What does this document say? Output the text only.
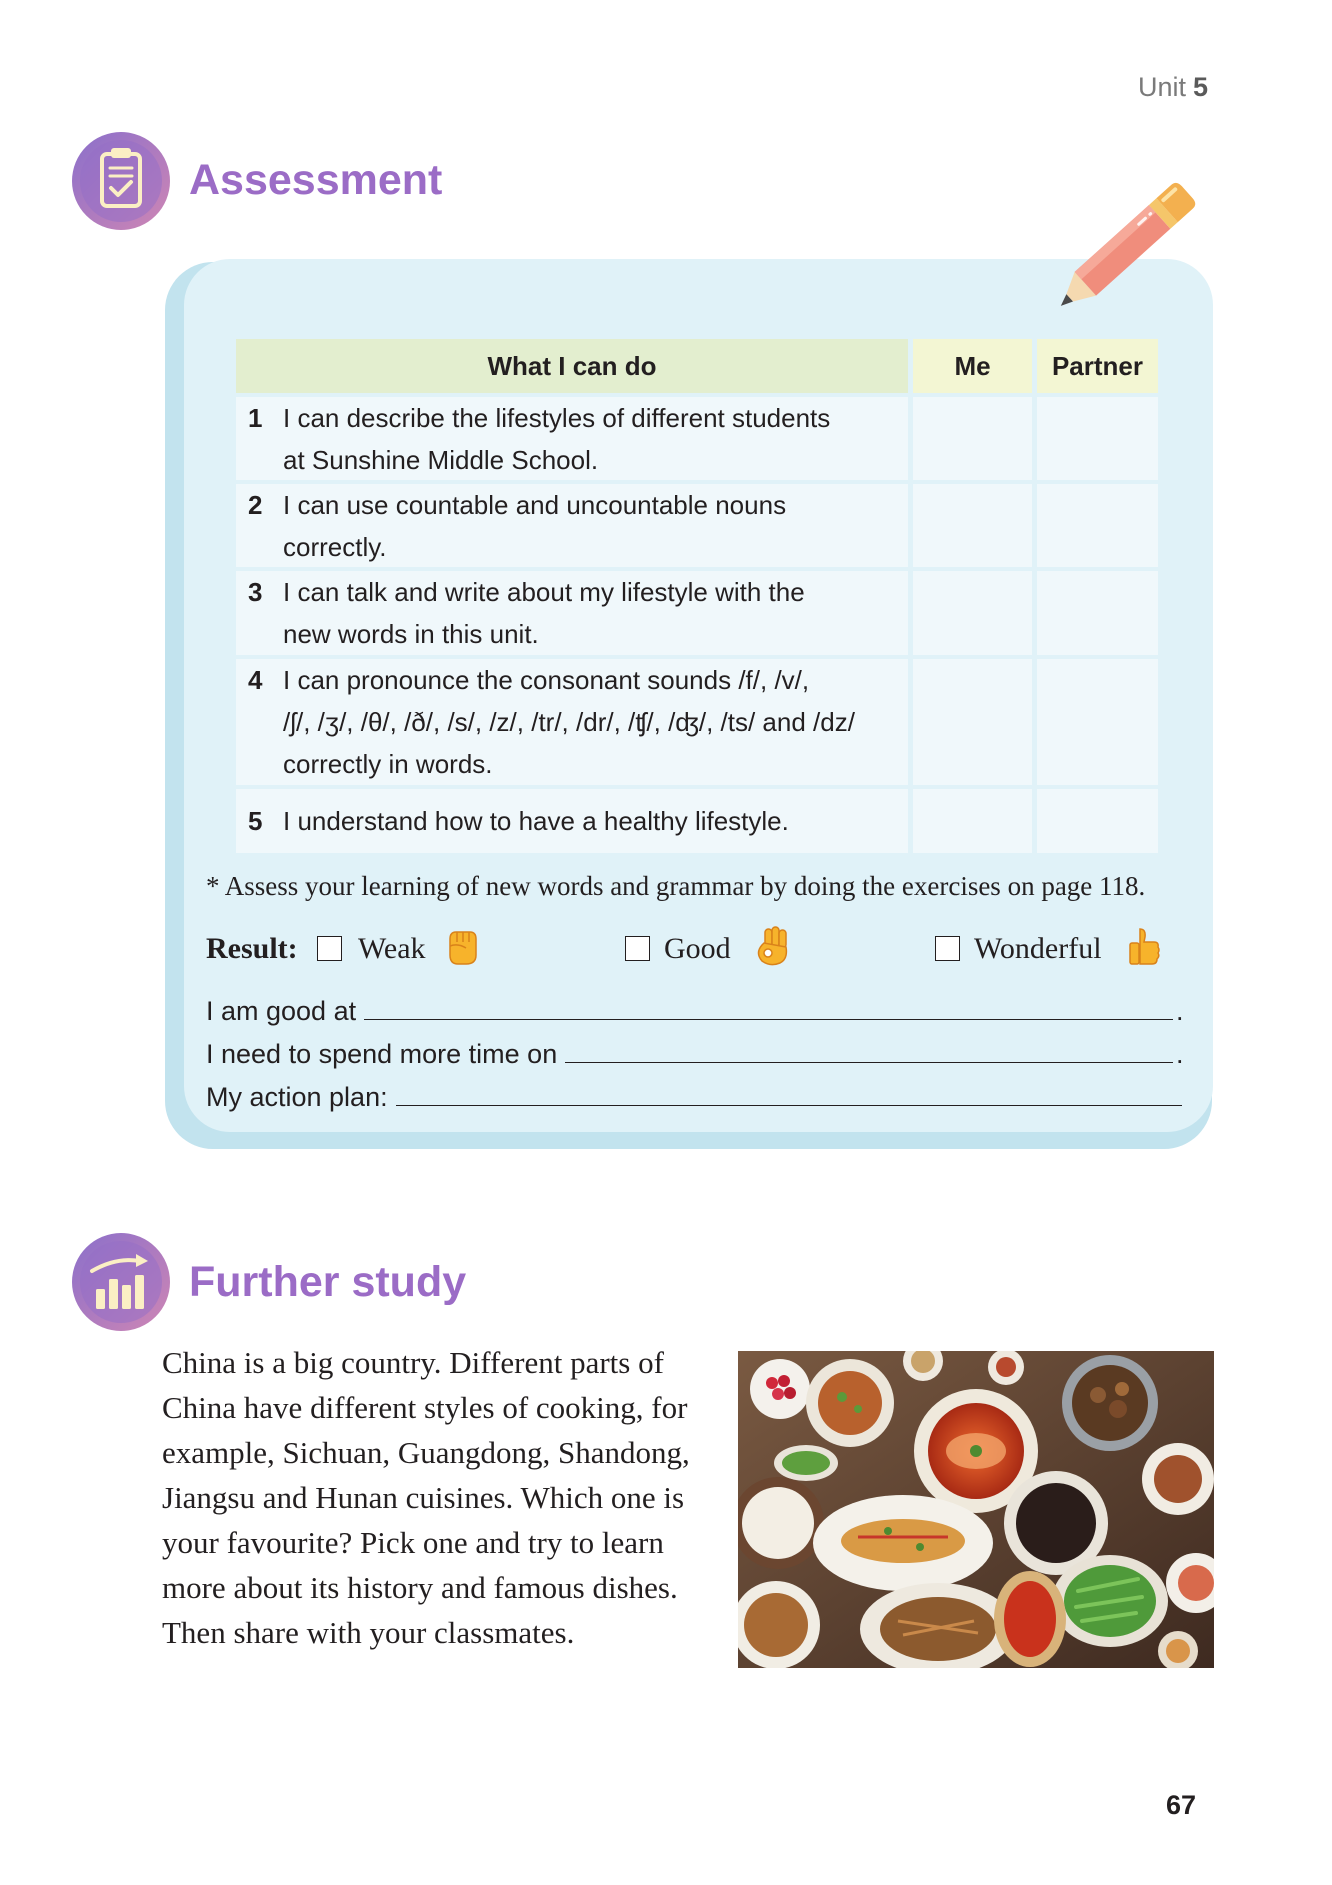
Unit 5
Assessment
What I can do	Me	Partner
1 I can describe the lifestyles of different students
at Sunshine Middle School.
2 I can use countable and uncountable nouns
correctly.
3 I can talk and write about my lifestyle with the
new words in this unit.
4 I can pronounce the consonant sounds /f/, /v/,
/ʃ/, /ʒ/, /θ/, /ð/, /s/, /z/, /tr/, /dr/, /ʧ/, /ʤ/, /ts/ and /dz/
correctly in words.
5 I understand how to have a healthy lifestyle.
* Assess your learning of new words and grammar by doing the exercises on page 118.
Result: Weak	Good	Wonderful
I am good at	.
I need to spend more time on	.
My action plan:
Further study
China is a big country. Different parts of
China have different styles of cooking, for
example, Sichuan, Guangdong, Shandong,
Jiangsu and Hunan cuisines. Which one is
your favourite? Pick one and try to learn
more about its history and famous dishes.
Then share with your classmates.
67
